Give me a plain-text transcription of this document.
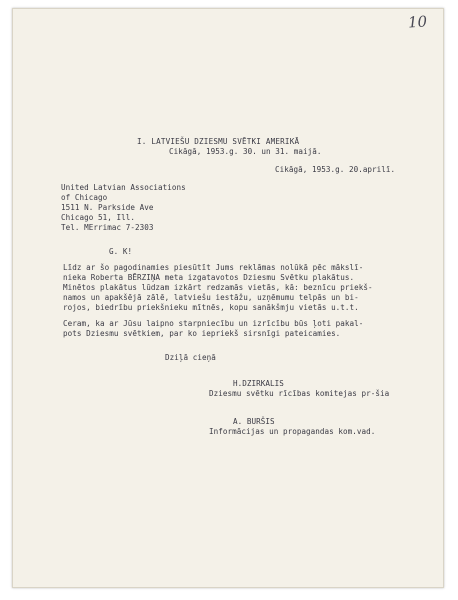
10
I. LATVIEŠU DZIESMU SVĒTKI AMERIKĀ
Cikāgā, 1953.g. 30. un 31. maijā.
Cikāgā, 1953.g. 20.aprilī.
United Latvian Associations
of Chicago
1511 N. Parkside Ave
Chicago 51, Ill.
Tel. MErrimac 7-2303
G. K!
Līdz ar šo pagodinamies piesūtīt Jums reklāmas nolūkā pēc mākslī-
nieka Roberta BĒRZIŅA meta izgatavotos Dziesmu Svētku plakātus.
Minētos plakātus lūdzam izkārt redzamās vietās, kā: beznīcu priekš-
namos un apakšējā zālē, latviešu iestāžu, uzņēmumu telpās un bi-
rojos, biedrību priekšnieku mītnēs, kopu sanākšmju vietās u.t.t.
Ceram, ka ar Jūsu laipno starpniecību un izrīcību būs ļoti pakal-
pots Dziesmu svētkiem, par ko iepriekš sirsnīgi pateicamies.
Dziļā cieņā
H.DZIRKALIS
Dziesmu svētku rīcības komitejas pr-šia
A. BURŠIS
Informācijas un propagandas kom.vad.
